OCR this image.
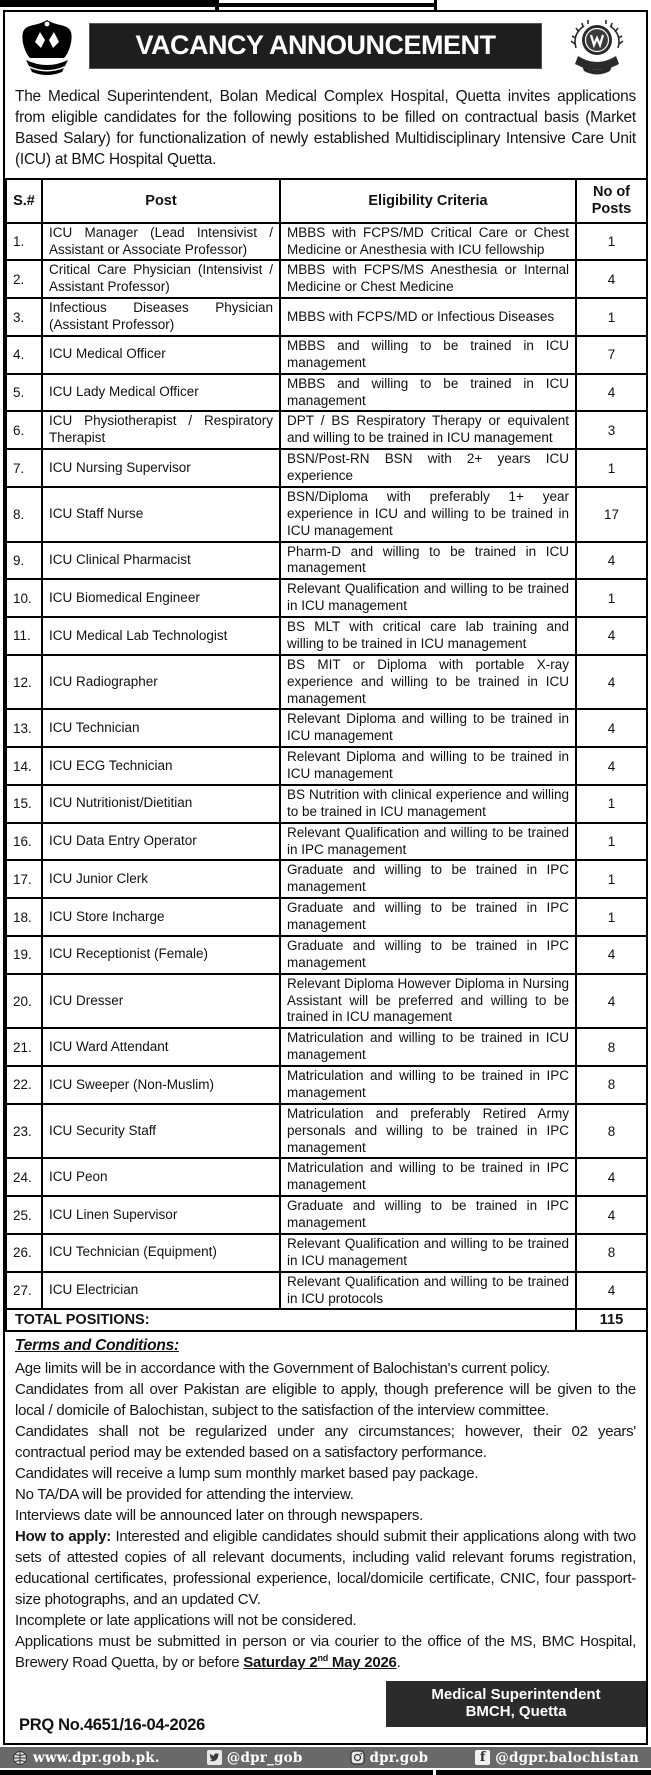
VACANCY ANNOUNCEMENT
The Medical Superintendent, Bolan Medical Complex Hospital, Quetta invites applications from eligible candidates for the following positions to be filled on contractual basis (Market Based Salary) for functionalization of newly established Multidisciplinary Intensive Care Unit (ICU) at BMC Hospital Quetta.
S.#	Post	Eligibility Criteria	No of Posts
1.	ICU Manager (Lead Intensivist / Assistant or Associate Professor)	MBBS with FCPS/MD Critical Care or Chest Medicine or Anesthesia with ICU fellowship	1
2.	Critical Care Physician (Intensivist / Assistant Professor)	MBBS with FCPS/MS Anesthesia or Internal Medicine or Chest Medicine	4
3.	Infectious Diseases Physician (Assistant Professor)	MBBS with FCPS/MD or Infectious Diseases	1
4.	ICU Medical Officer	MBBS and willing to be trained in ICU management	7
5.	ICU Lady Medical Officer	MBBS and willing to be trained in ICU management	4
6.	ICU Physiotherapist / Respiratory Therapist	DPT / BS Respiratory Therapy or equivalent and willing to be trained in ICU management	3
7.	ICU Nursing Supervisor	BSN/Post-RN BSN with 2+ years ICU experience	1
8.	ICU Staff Nurse	BSN/Diploma with preferably 1+ year experience in ICU and willing to be trained in ICU management	17
9.	ICU Clinical Pharmacist	Pharm-D and willing to be trained in ICU management	4
10.	ICU Biomedical Engineer	Relevant Qualification and willing to be trained in ICU management	1
11.	ICU Medical Lab Technologist	BS MLT with critical care lab training and willing to be trained in ICU management	4
12.	ICU Radiographer	BS MIT or Diploma with portable X-ray experience and willing to be trained in ICU management	4
13.	ICU Technician	Relevant Diploma and willing to be trained in ICU management	4
14.	ICU ECG Technician	Relevant Diploma and willing to be trained in ICU management	4
15.	ICU Nutritionist/Dietitian	BS Nutrition with clinical experience and willing to be trained in ICU management	1
16.	ICU Data Entry Operator	Relevant Qualification and willing to be trained in IPC management	1
17.	ICU Junior Clerk	Graduate and willing to be trained in IPC management	1
18.	ICU Store Incharge	Graduate and willing to be trained in IPC management	1
19.	ICU Receptionist (Female)	Graduate and willing to be trained in IPC management	4
20.	ICU Dresser	Relevant Diploma However Diploma in Nursing Assistant will be preferred and willing to be trained in ICU management	4
21.	ICU Ward Attendant	Matriculation and willing to be trained in ICU management	8
22.	ICU Sweeper (Non-Muslim)	Matriculation and willing to be trained in IPC management	8
23.	ICU Security Staff	Matriculation and preferably Retired Army personals and willing to be trained in IPC management	8
24.	ICU Peon	Matriculation and willing to be trained in IPC management	4
25.	ICU Linen Supervisor	Graduate and willing to be trained in IPC management	4
26.	ICU Technician (Equipment)	Relevant Qualification and willing to be trained in ICU management	8
27.	ICU Electrician	Relevant Qualification and willing to be trained in ICU protocols	4
TOTAL POSITIONS:			115
Terms and Conditions:

Age limits will be in accordance with the Government of Balochistan's current policy.

Candidates from all over Pakistan are eligible to apply, though preference will be given to the local / domicile of Balochistan, subject to the satisfaction of the interview committee.

Candidates shall not be regularized under any circumstances; however, their 02 years' contractual period may be extended based on a satisfactory performance.

Candidates will receive a lump sum monthly market based pay package.

No TA/DA will be provided for attending the interview.

Interviews date will be announced later on through newspapers.

How to apply: Interested and eligible candidates should submit their applications along with two sets of attested copies of all relevant documents, including valid relevant forums registration, educational certificates, professional experience, local/domicile certificate, CNIC, four passport-size photographs, and an updated CV.

Incomplete or late applications will not be considered.

Applications must be submitted in person or via courier to the office of the MS, BMC Hospital, Brewery Road Quetta, by or before Saturday 2nd May 2026.

PRQ No.4651/16-04-2026
Medical Superintendent
BMCH, Quetta
www.dpr.gob.pk.	@dpr_gob	dpr.gob	f @dgpr.balochistan
